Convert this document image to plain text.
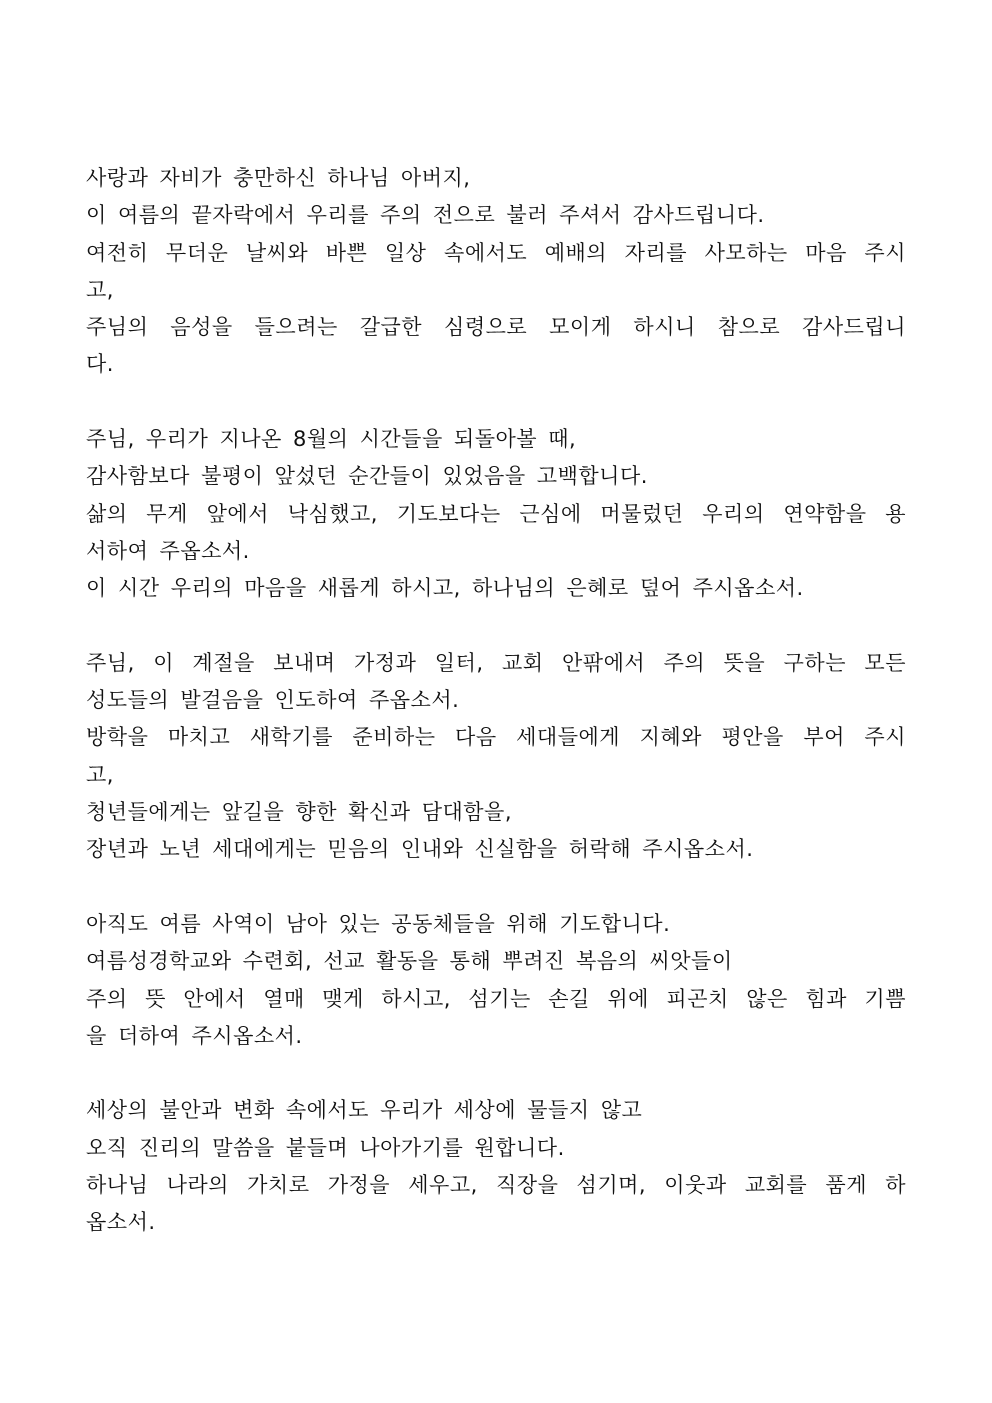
사랑과 자비가 충만하신 하나님 아버지,
이 여름의 끝자락에서 우리를 주의 전으로 불러 주셔서 감사드립니다.
여전히 무더운 날씨와 바쁜 일상 속에서도 예배의 자리를 사모하는 마음 주시
고,
주님의 음성을 들으려는 갈급한 심령으로 모이게 하시니 참으로 감사드립니
다.
주님, 우리가 지나온 8월의 시간들을 되돌아볼 때,
감사함보다 불평이 앞섰던 순간들이 있었음을 고백합니다.
삶의 무게 앞에서 낙심했고, 기도보다는 근심에 머물렀던 우리의 연약함을 용
서하여 주옵소서.
이 시간 우리의 마음을 새롭게 하시고, 하나님의 은혜로 덮어 주시옵소서.
주님, 이 계절을 보내며 가정과 일터, 교회 안팎에서 주의 뜻을 구하는 모든
성도들의 발걸음을 인도하여 주옵소서.
방학을 마치고 새학기를 준비하는 다음 세대들에게 지혜와 평안을 부어 주시
고,
청년들에게는 앞길을 향한 확신과 담대함을,
장년과 노년 세대에게는 믿음의 인내와 신실함을 허락해 주시옵소서.
아직도 여름 사역이 남아 있는 공동체들을 위해 기도합니다.
여름성경학교와 수련회, 선교 활동을 통해 뿌려진 복음의 씨앗들이
주의 뜻 안에서 열매 맺게 하시고, 섬기는 손길 위에 피곤치 않은 힘과 기쁨
을 더하여 주시옵소서.
세상의 불안과 변화 속에서도 우리가 세상에 물들지 않고
오직 진리의 말씀을 붙들며 나아가기를 원합니다.
하나님 나라의 가치로 가정을 세우고, 직장을 섬기며, 이웃과 교회를 품게 하
옵소서.
